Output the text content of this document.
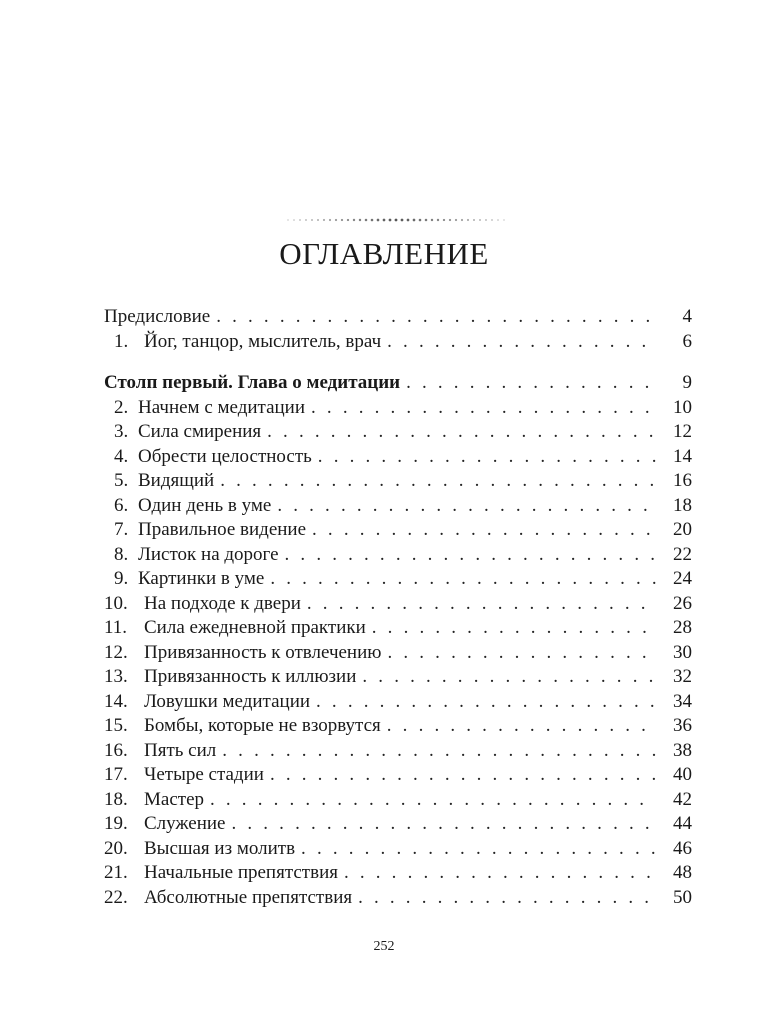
ОГЛАВЛЕНИЕ
Предисловие . . .	4
1. Йог, танцор, мыслитель, врач . . .	6
Столп первый. Глава о медитации . . .	9
2. Начнем с медитации . . .	10
3. Сила смирения . . .	12
4. Обрести целостность . . .	14
5. Видящий . . .	16
6. Один день в уме . . .	18
7. Правильное видение . . .	20
8. Листок на дороге . . .	22
9. Картинки в уме . . .	24
10. На подходе к двери . . .	26
11. Сила ежедневной практики . . .	28
12. Привязанность к отвлечению . . .	30
13. Привязанность к иллюзии . . .	32
14. Ловушки медитации . . .	34
15. Бомбы, которые не взорвутся . . .	36
16. Пять сил . . .	38
17. Четыре стадии . . .	40
18. Мастер . . .	42
19. Служение . . .	44
20. Высшая из молитв . . .	46
21. Начальные препятствия . . .	48
22. Абсолютные препятствия . . .	50
252
